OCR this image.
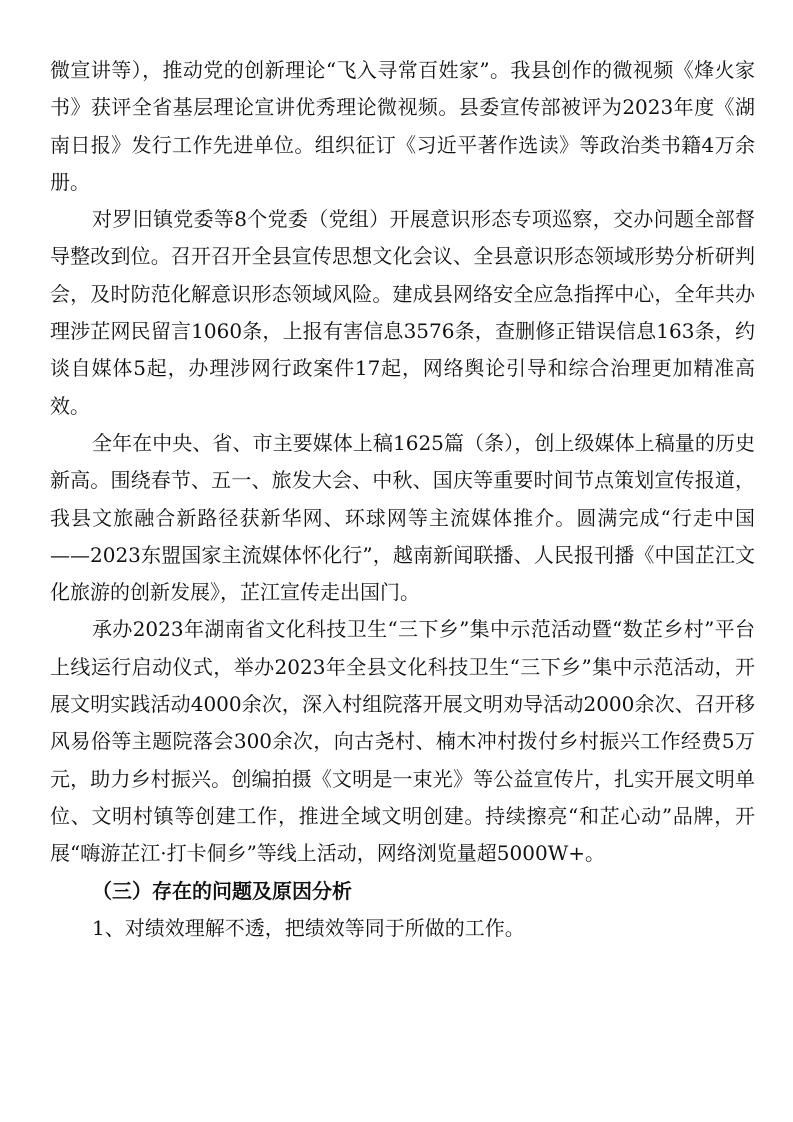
微宣讲等），推动党的创新理论“飞入寻常百姓家”。我县创作的微视频《烽火家书》获评全省基层理论宣讲优秀理论微视频。县委宣传部被评为2023年度《湖南日报》发行工作先进单位。组织征订《习近平著作选读》等政治类书籍4万余册。

对罗旧镇党委等8个党委（党组）开展意识形态专项巡察，交办问题全部督导整改到位。召开召开全县宣传思想文化会议、全县意识形态领域形势分析研判会，及时防范化解意识形态领域风险。建成县网络安全应急指挥中心，全年共办理涉芷网民留言1060条，上报有害信息3576条，查删修正错误信息163条，约谈自媒体5起，办理涉网行政案件17起，网络舆论引导和综合治理更加精准高效。

全年在中央、省、市主要媒体上稿1625篇（条），创上级媒体上稿量的历史新高。围绕春节、五一、旅发大会、中秋、国庆等重要时间节点策划宣传报道，我县文旅融合新路径获新华网、环球网等主流媒体推介。圆满完成“行走中国——2023东盟国家主流媒体怀化行”，越南新闻联播、人民报刊播《中国芷江文化旅游的创新发展》，芷江宣传走出国门。

承办2023年湖南省文化科技卫生“三下乡”集中示范活动暨“数芷乡村”平台上线运行启动仪式，举办2023年全县文化科技卫生“三下乡”集中示范活动，开展文明实践活动4000余次，深入村组院落开展文明劝导活动2000余次、召开移风易俗等主题院落会300余次，向古尧村、楠木冲村拨付乡村振兴工作经费5万元，助力乡村振兴。创编拍摄《文明是一束光》等公益宣传片，扎实开展文明单位、文明村镇等创建工作，推进全域文明创建。持续擦亮“和芷心动”品牌，开展“嗨游芷江·打卡侗乡”等线上活动，网络浏览量超5000W+。

（三）存在的问题及原因分析

1、对绩效理解不透，把绩效等同于所做的工作。
